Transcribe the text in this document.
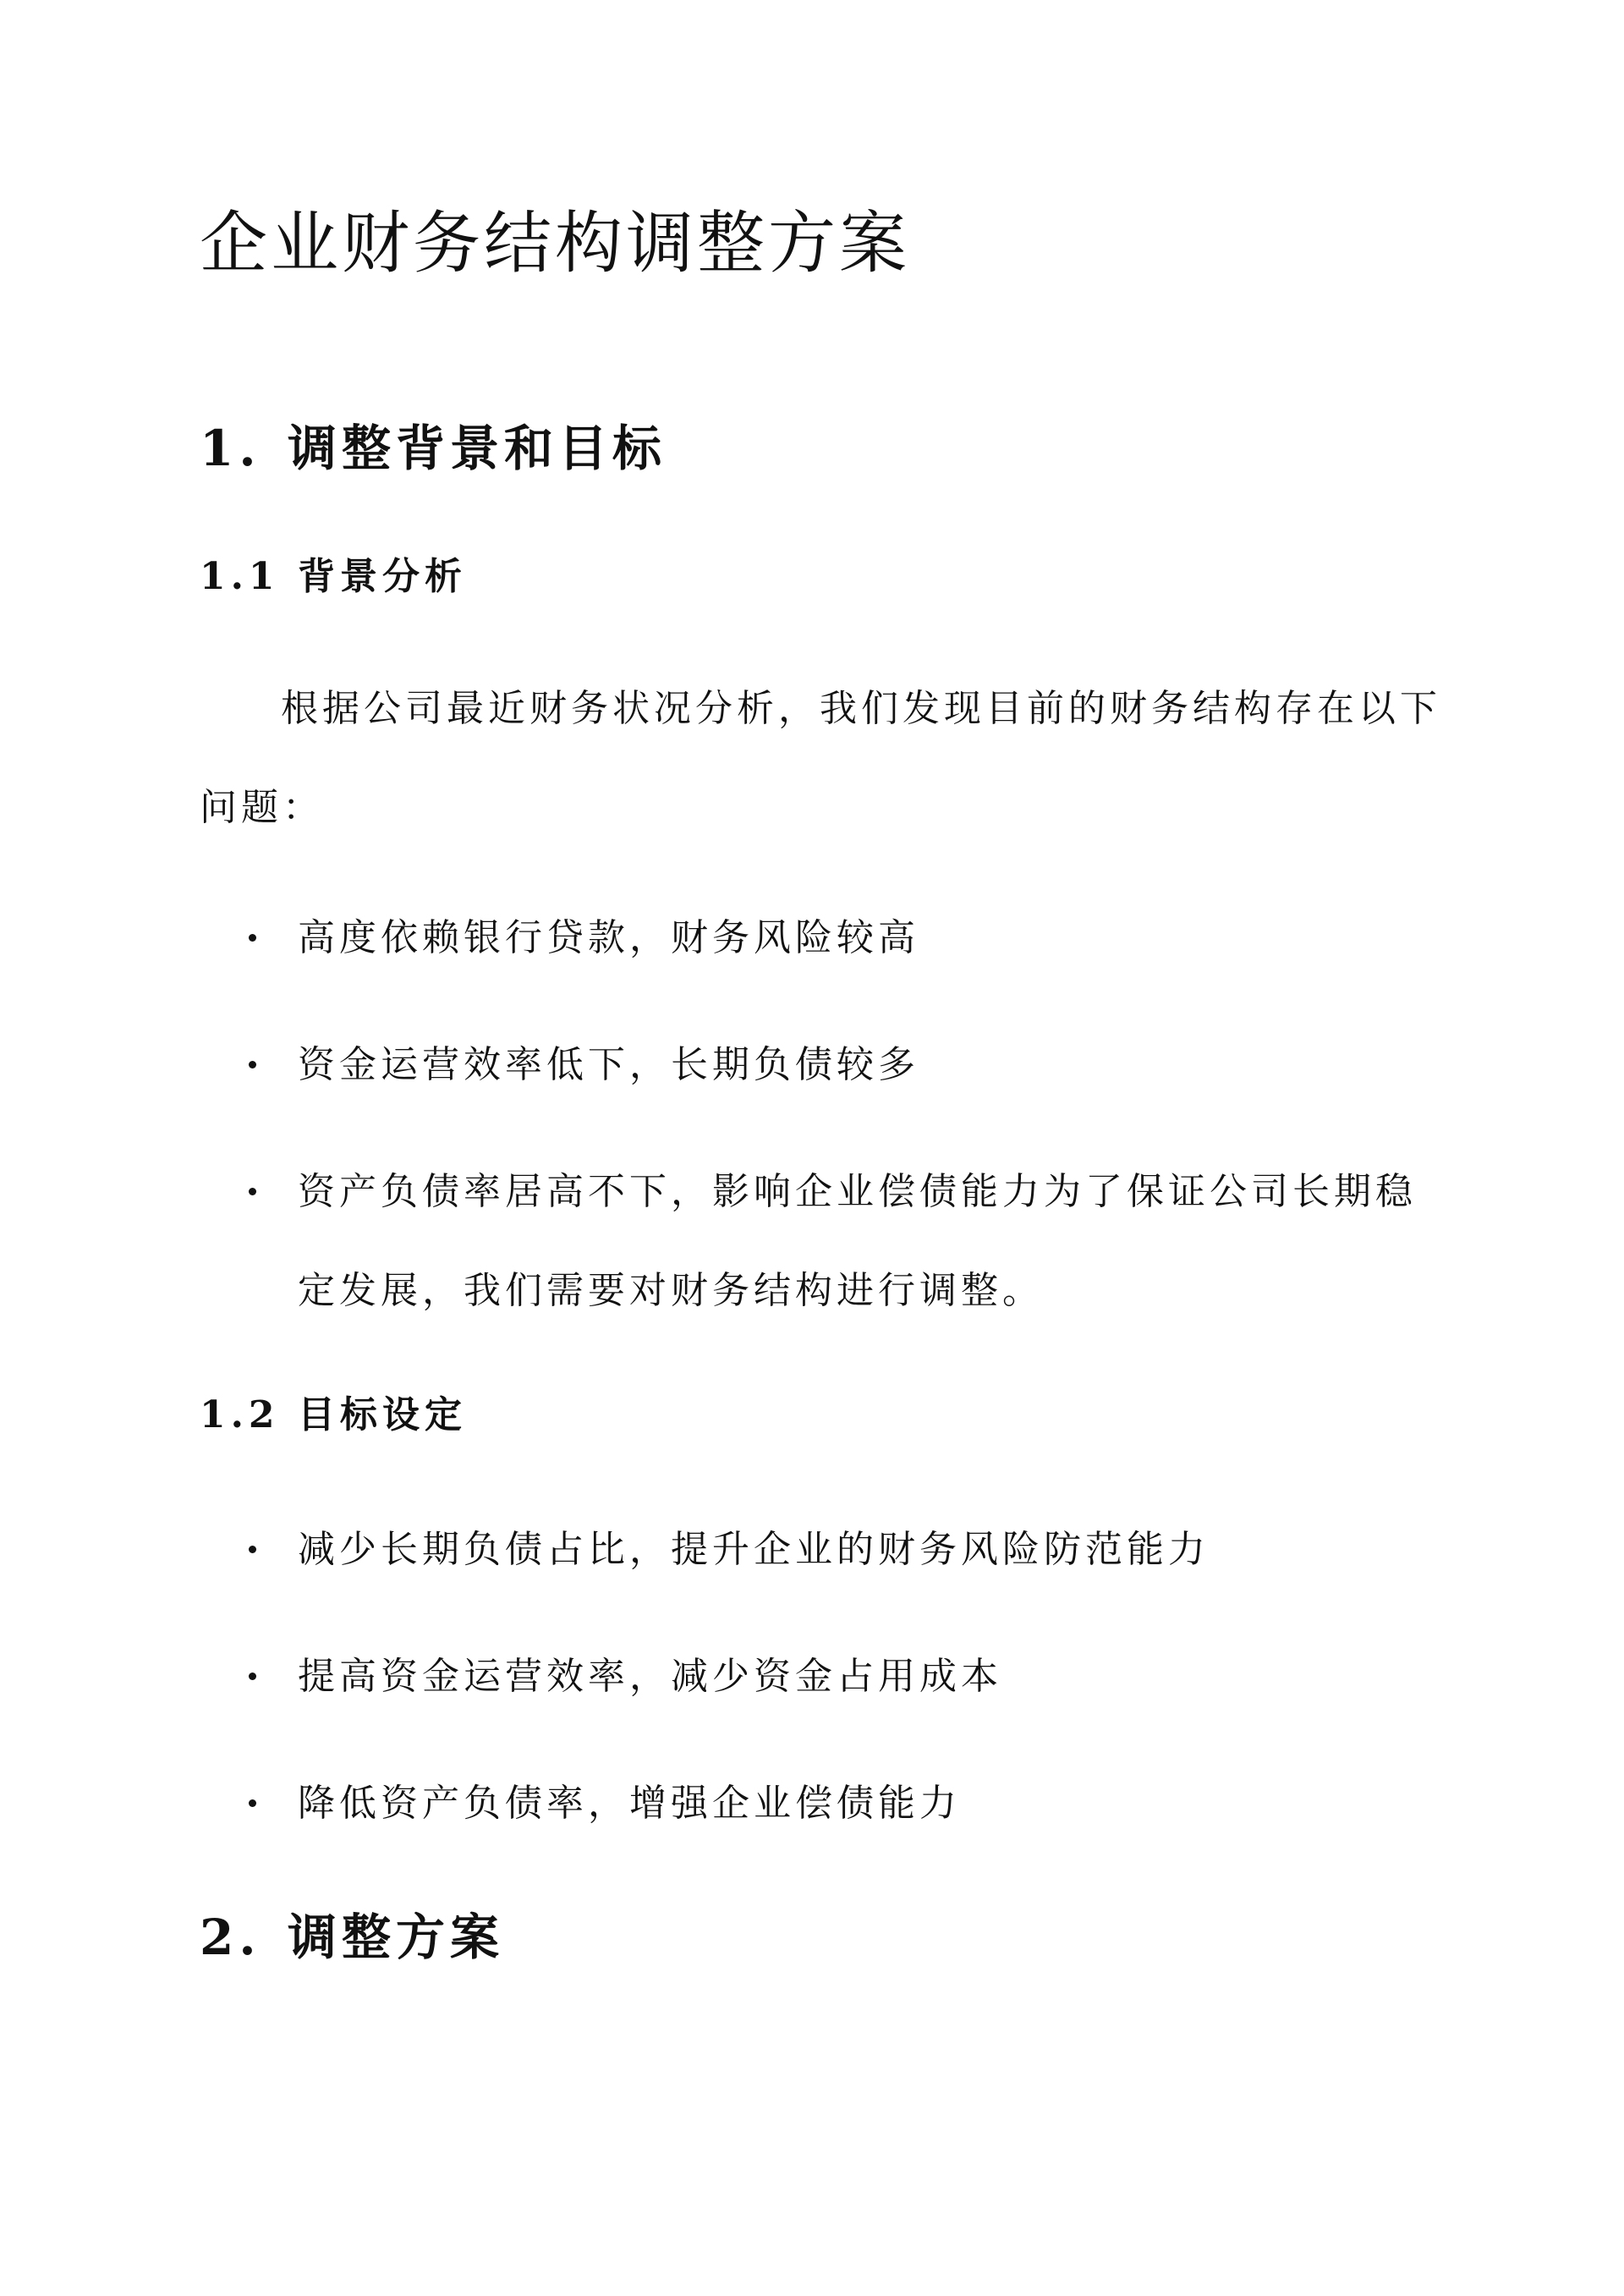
企业财务结构调整方案
1. 调整背景和目标
1.1 背景分析

根据公司最近财务状况分析，我们发现目前的财务结构存在以下问题：

高度依赖银行贷款，财务风险较高
资金运营效率低下，长期负债较多
资产负债率居高不下，影响企业偿债能力为了保证公司长期稳定发展，我们需要对财务结构进行调整。
1.2 目标设定
减少长期负债占比，提升企业的财务风险防范能力
提高资金运营效率，减少资金占用成本
降低资产负债率，增强企业偿债能力
2. 调整方案
